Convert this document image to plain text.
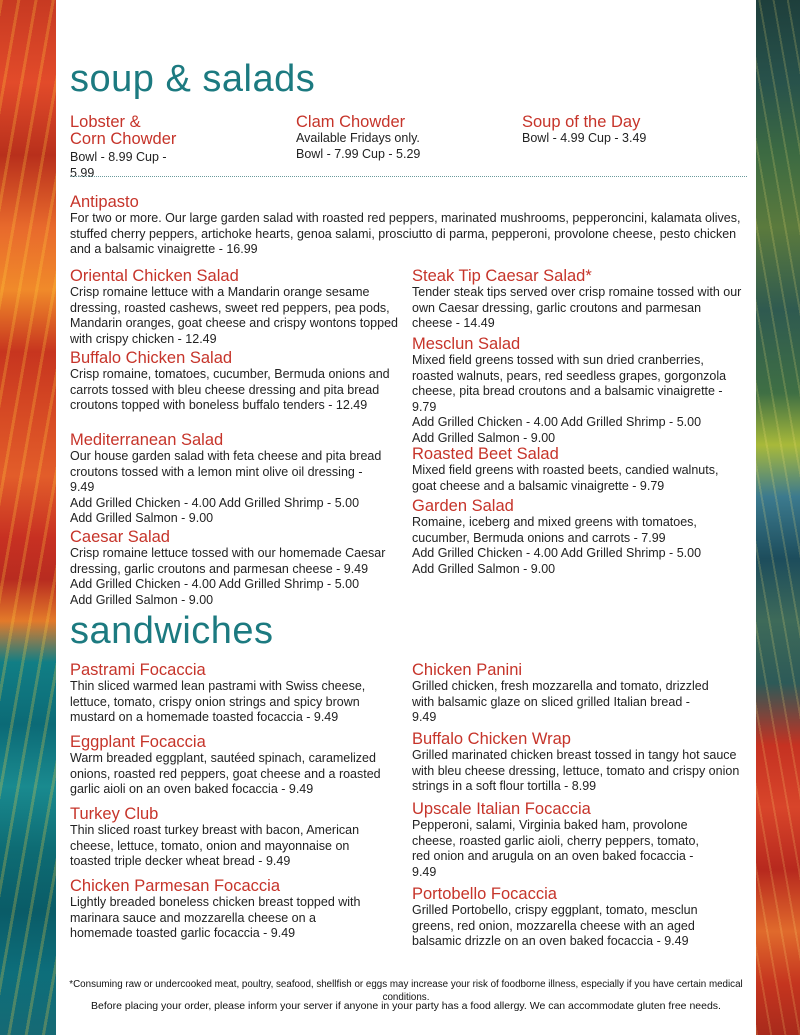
soup & salads

Lobster & Corn Chowder

Bowl - 8.99 Cup - 5.99

Clam Chowder

Available Fridays only.

Bowl - 7.99 Cup - 5.29

Soup of the Day

Bowl - 4.99 Cup - 3.49

Antipasto

For two or more. Our large garden salad with roasted red peppers, marinated mushrooms, pepperoncini, kalamata olives, stuffed cherry peppers, artichoke hearts, genoa salami, prosciutto di parma, pepperoni, provolone cheese, pesto chicken and a balsamic vinaigrette - 16.99

Oriental Chicken Salad

Crisp romaine lettuce with a Mandarin orange sesame dressing, roasted cashews, sweet red peppers, pea pods, Mandarin oranges, goat cheese and crispy wontons topped with crispy chicken - 12.49

Buffalo Chicken Salad

Crisp romaine, tomatoes, cucumber, Bermuda onions and carrots tossed with bleu cheese dressing and pita bread croutons topped with boneless buffalo tenders - 12.49

Mediterranean Salad

Our house garden salad with feta cheese and pita bread croutons tossed with a lemon mint olive oil dressing - 9.49

Add Grilled Chicken - 4.00 Add Grilled Shrimp - 5.00

Add Grilled Salmon - 9.00

Caesar Salad

Crisp romaine lettuce tossed with our homemade Caesar dressing, garlic croutons and parmesan cheese - 9.49

Add Grilled Chicken - 4.00 Add Grilled Shrimp - 5.00

Add Grilled Salmon - 9.00

Steak Tip Caesar Salad*

Tender steak tips served over crisp romaine tossed with our own Caesar dressing, garlic croutons and parmesan cheese - 14.49

Mesclun Salad

Mixed field greens tossed with sun dried cranberries, roasted walnuts, pears, red seedless grapes, gorgonzola cheese, pita bread croutons and a balsamic vinaigrette - 9.79

Add Grilled Chicken - 4.00 Add Grilled Shrimp - 5.00

Add Grilled Salmon - 9.00

Roasted Beet Salad

Mixed field greens with roasted beets, candied walnuts, goat cheese and a balsamic vinaigrette - 9.79

Garden Salad

Romaine, iceberg and mixed greens with tomatoes, cucumber, Bermuda onions and carrots - 7.99

Add Grilled Chicken - 4.00 Add Grilled Shrimp - 5.00

Add Grilled Salmon - 9.00

sandwiches

Pastrami Focaccia

Thin sliced warmed lean pastrami with Swiss cheese, lettuce, tomato, crispy onion strings and spicy brown mustard on a homemade toasted focaccia - 9.49

Eggplant Focaccia

Warm breaded eggplant, sautéed spinach, caramelized onions, roasted red peppers, goat cheese and a roasted garlic aioli on an oven baked focaccia - 9.49

Turkey Club

Thin sliced roast turkey breast with bacon, American cheese, lettuce, tomato, onion and mayonnaise on toasted triple decker wheat bread - 9.49

Chicken Parmesan Focaccia

Lightly breaded boneless chicken breast topped with marinara sauce and mozzarella cheese on a homemade toasted garlic focaccia - 9.49

Chicken Panini

Grilled chicken, fresh mozzarella and tomato, drizzled with balsamic glaze on sliced grilled Italian bread - 9.49

Buffalo Chicken Wrap

Grilled marinated chicken breast tossed in tangy hot sauce with bleu cheese dressing, lettuce, tomato and crispy onion strings in a soft flour tortilla - 8.99

Upscale Italian Focaccia

Pepperoni, salami, Virginia baked ham, provolone cheese, roasted garlic aioli, cherry peppers, tomato, red onion and arugula on an oven baked focaccia - 9.49

Portobello Focaccia

Grilled Portobello, crispy eggplant, tomato, mesclun greens, red onion, mozzarella cheese with an aged balsamic drizzle on an oven baked focaccia - 9.49

*Consuming raw or undercooked meat, poultry, seafood, shellfish or eggs may increase your risk of foodborne illness, especially if you have certain medical conditions.

Before placing your order, please inform your server if anyone in your party has a food allergy. We can accommodate gluten free needs.
